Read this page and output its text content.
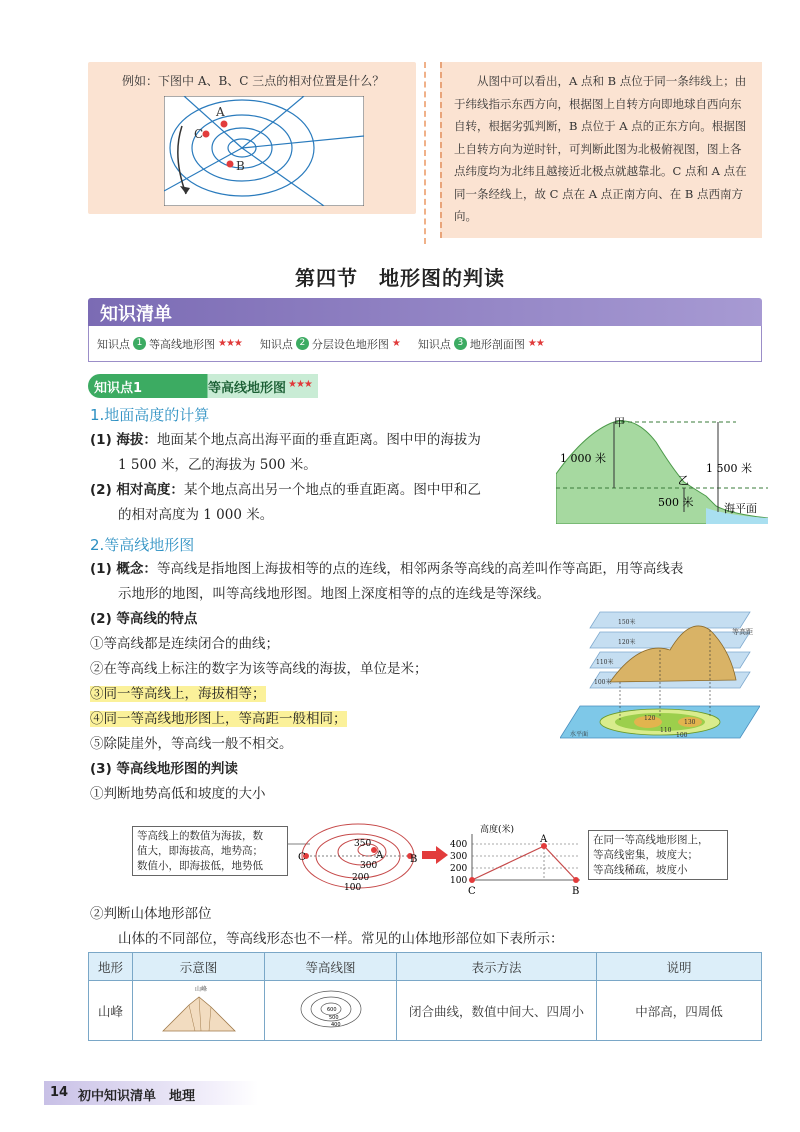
例如：下图中 A、B、C 三点的相对位置是什么？
A
C
B
从图中可以看出，A 点和 B 点位于同一条纬线上；由于纬线指示东西方向，根据图上自转方向即地球自西向东自转，根据劣弧判断，B 点位于 A 点的正东方向。根据图上自转方向为逆时针，可判断此图为北极俯视图，图上各点纬度均为北纬且越接近北极点就越靠北。C 点和 A 点在同一条经线上，故 C 点在 A 点正南方向、在 B 点西南方向。
第四节　地形图的判读
知识清单
知识点 1 等高线地形图 ★★★ 知识点 2 分层设色地形图 ★ 知识点 3 地形剖面图 ★★
知识点1	等高线地形图 ★★★
1.地面高度的计算
(1) 海拔：地面某个地点高出海平面的垂直距离。图中甲的海拔为
1 500 米，乙的海拔为 500 米。
(2) 相对高度：某个地点高出另一个地点的垂直距离。图中甲和乙
的相对高度为 1 000 米。
甲
乙
1 000 米
1 500 米
500 米	海平面
2.等高线地形图
(1) 概念：等高线是指地图上海拔相等的点的连线，相邻两条等高线的高差叫作等高距，用等高线表
示地形的地图，叫等高线地形图。地图上深度相等的点的连线是等深线。
(2) 等高线的特点
①等高线都是连续闭合的曲线；
②在等高线上标注的数字为该等高线的海拔，单位是米；
③同一等高线上，海拔相等；
④同一等高线地形图上，等高距一般相同；
⑤除陡崖外，等高线一般不相交。
(3) 等高线地形图的判读
①判断地势高低和坡度的大小
150米
120米
110米
100米
等高距
水平面
120
130
110
100
等高线上的数值为海拔，数
值大，即海拔高，地势高；
数值小，即海拔低，地势低
350
300
200
100
C	A	B
高度(米)
400
300
200
100
A
C	B
在同一等高线地形图上，
等高线密集，坡度大；
等高线稀疏，坡度小
②判断山体地形部位
山体的不同部位，等高线形态也不一样。常见的山体地形部位如下表所示：
地形	示意图	等高线图	表示方法	说明
山峰	山峰	600
500
400	闭合曲线，数值中间大、四周小	中部高，四周低
14 初中知识清单　地理
